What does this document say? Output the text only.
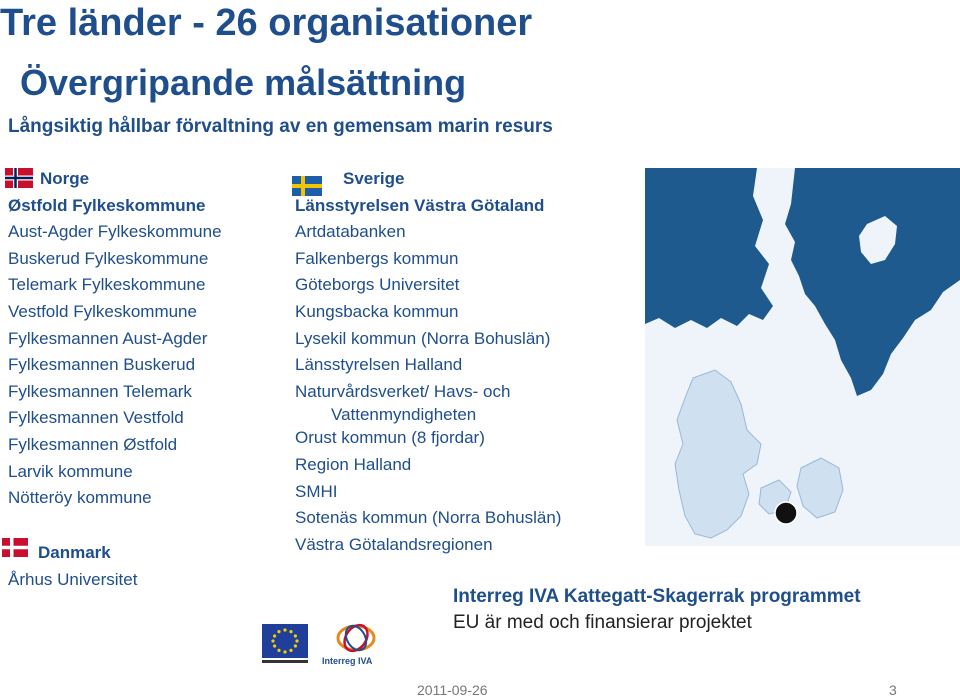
Tre länder - 26 organisationer
Övergripande målsättning
Långsiktig hållbar förvaltning av en gemensam marin resurs
Norge
Østfold Fylkeskommune
Aust-Agder Fylkeskommune
Buskerud Fylkeskommune
Telemark Fylkeskommune
Vestfold Fylkeskommune
Fylkesmannen Aust-Agder
Fylkesmannen Buskerud
Fylkesmannen Telemark
Fylkesmannen Vestfold
Fylkesmannen Østfold
Larvik kommune
Nötteröy kommune
Danmark
Århus Universitet
Sverige
Länsstyrelsen Västra Götaland
Artdatabanken
Falkenbergs kommun
Göteborgs Universitet
Kungsbacka kommun
Lysekil kommun (Norra Bohuslän)
Länsstyrelsen Halland
Naturvårdsverket/ Havs- och
Vattenmyndigheten
Orust kommun (8 fjordar)
Region Halland
SMHI
Sotenäs kommun (Norra Bohuslän)
Västra Götalandsregionen
Interreg IVA
Interreg IVA Kattegatt-Skagerrak programmet
EU är med och finansierar projektet
2011-09-26	3
